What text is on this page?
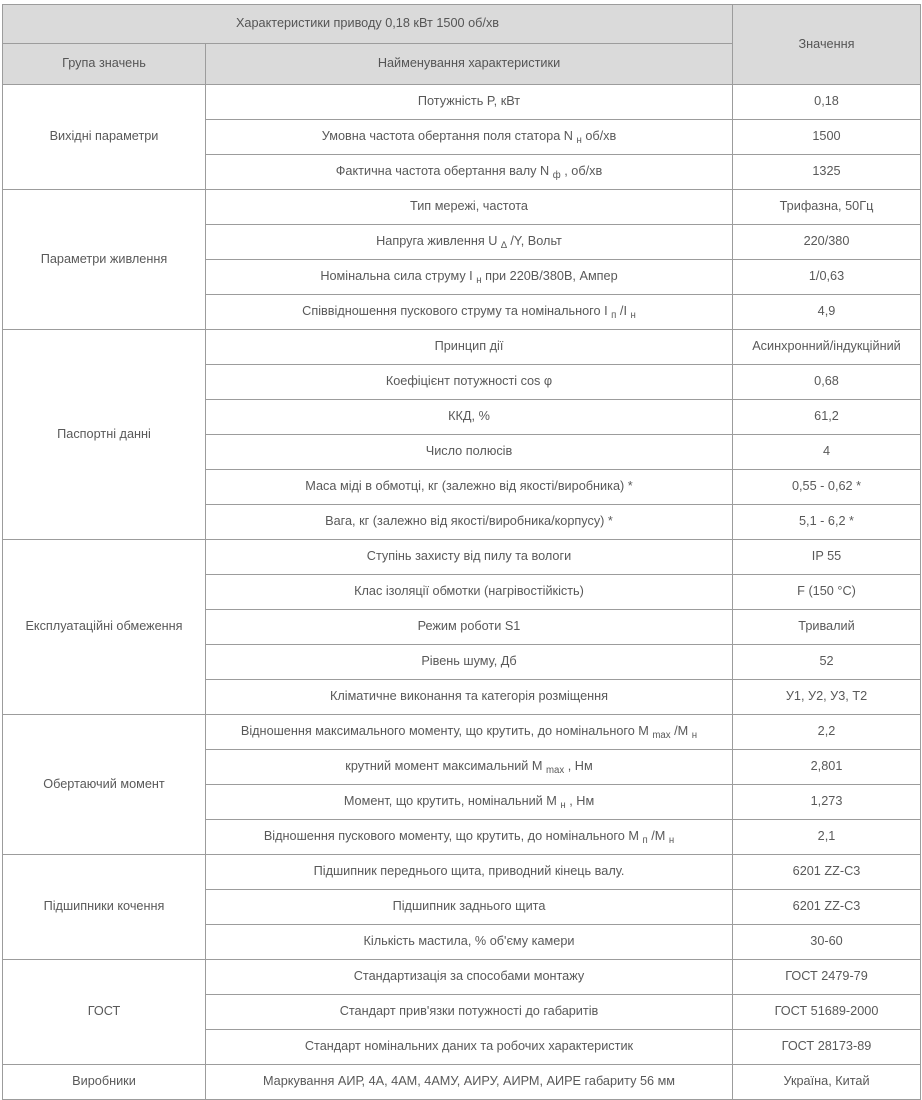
Характеристики приводу 0,18 кВт 1500 об/хв		Значення
Група значень	Найменування характеристики	
Вихідні параметри	Потужність P, кВт	0,18
	Умовна частота обертання поля статора N $_н$ об/хв	1500
	Фактична частота обертання валу N $_ф$ , об/хв	1325
Параметри живлення	Тип мережі, частота	Трифазна, 50Гц
	Напруга живлення U $_\Delta$ /Y, Вольт	220/380
	Номінальна сила струму I $_н$ при 220В/380В, Ампер	1/0,63
	Співвідношення пускового струму та номінального I $_п$ /I $_н$	4,9
Паспортні данні	Принцип дії	Асинхронний/індукційний
	Коефіцієнт потужності cos φ	0,68
	ККД, %	61,2
	Число полюсів	4
	Маса міді в обмотці, кг (залежно від якості/виробника) *	0,55 - 0,62 *
	Вага, кг (залежно від якості/виробника/корпусу) *	5,1 - 6,2 *
Експлуатаційні обмеження	Ступінь захисту від пилу та вологи	IP 55
	Клас ізоляції обмотки (нагрівостійкість)	F (150 °C)
	Режим роботи S1	Тривалий
	Рівень шуму, Дб	52
	Кліматичне виконання та категорія розміщення	У1, У2, У3, Т2
Обертаючий момент	Відношення максимального моменту, що крутить, до номінального M $_{max}$ /M $_н$	2,2
	крутний момент максимальний M $_{max}$ , Нм	2,801
	Момент, що крутить, номінальний M $_н$ , Нм	1,273
	Відношення пускового моменту, що крутить, до номінального M $_п$ /M $_н$	2,1
Підшипники кочення	Підшипник переднього щита, приводний кінець валу.	6201 ZZ-C3
	Підшипник заднього щита	6201 ZZ-C3
	Кількість мастила, % об'єму камери	30-60
ГОСТ	Стандартизація за способами монтажу	ГОСТ 2479-79
	Стандарт прив'язки потужності до габаритів	ГОСТ 51689-2000
	Стандарт номінальних даних та робочих характеристик	ГОСТ 28173-89
Виробники	Маркування АИР, 4А, 4АМ, 4АМУ, АИРУ, АИРМ, АИРЕ габариту 56 мм	Україна, Китай
